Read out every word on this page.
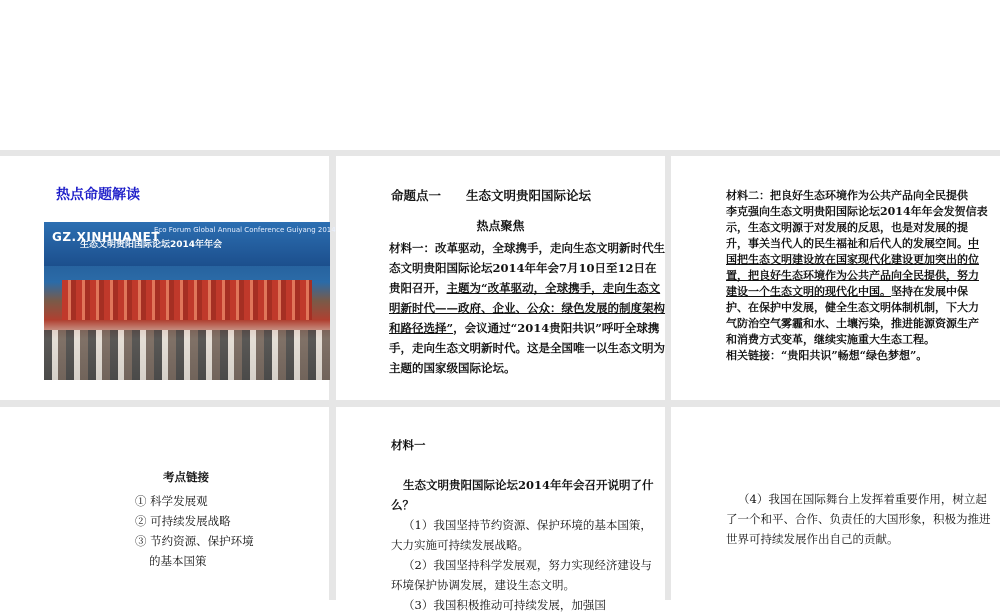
热点命题解读
GZ.XINHUANET
Eco Forum Global Annual Conference Guiyang 2014
生态文明贵阳国际论坛2014年年会
命题点一　　生态文明贵阳国际论坛
热点聚焦
材料一：改革驱动，全球携手，走向生态文明新时代生态文明贵阳国际论坛2014年年会7月10日至12日在贵阳召开，主题为“改革驱动，全球携手，走向生态文明新时代——政府、企业、公众：绿色发展的制度架构和路径选择”，会议通过“2014贵阳共识”呼吁全球携手，走向生态文明新时代。这是全国唯一以生态文明为主题的国家级国际论坛。
材料二：把良好生态环境作为公共产品向全民提供　　李克强向生态文明贵阳国际论坛2014年年会发贺信表示，生态文明源于对发展的反思，也是对发展的提升，事关当代人的民生福祉和后代人的发展空间。中国把生态文明建设放在国家现代化建设更加突出的位置，把良好生态环境作为公共产品向全民提供，努力建设一个生态文明的现代化中国。坚持在发展中保护、在保护中发展，健全生态文明体制机制，下大力气防治空气雾霾和水、土壤污染，推进能源资源生产和消费方式变革，继续实施重大生态工程。
相关链接：“贵阳共识”畅想“绿色梦想”。
考点链接
① 科学发展观
② 可持续发展战略
③ 节约资源、保护环境
的基本国策
材料一
生态文明贵阳国际论坛2014年年会召开说明了什么？
（1）我国坚持节约资源、保护环境的基本国策，大力实施可持续发展战略。
（2）我国坚持科学发展观，努力实现经济建设与环境保护协调发展，建设生态文明。
（3）我国积极推动可持续发展，加强国
（4）我国在国际舞台上发挥着重要作用，树立起了一个和平、合作、负责任的大国形象，积极为推进世界可持续发展作出自己的贡献。
